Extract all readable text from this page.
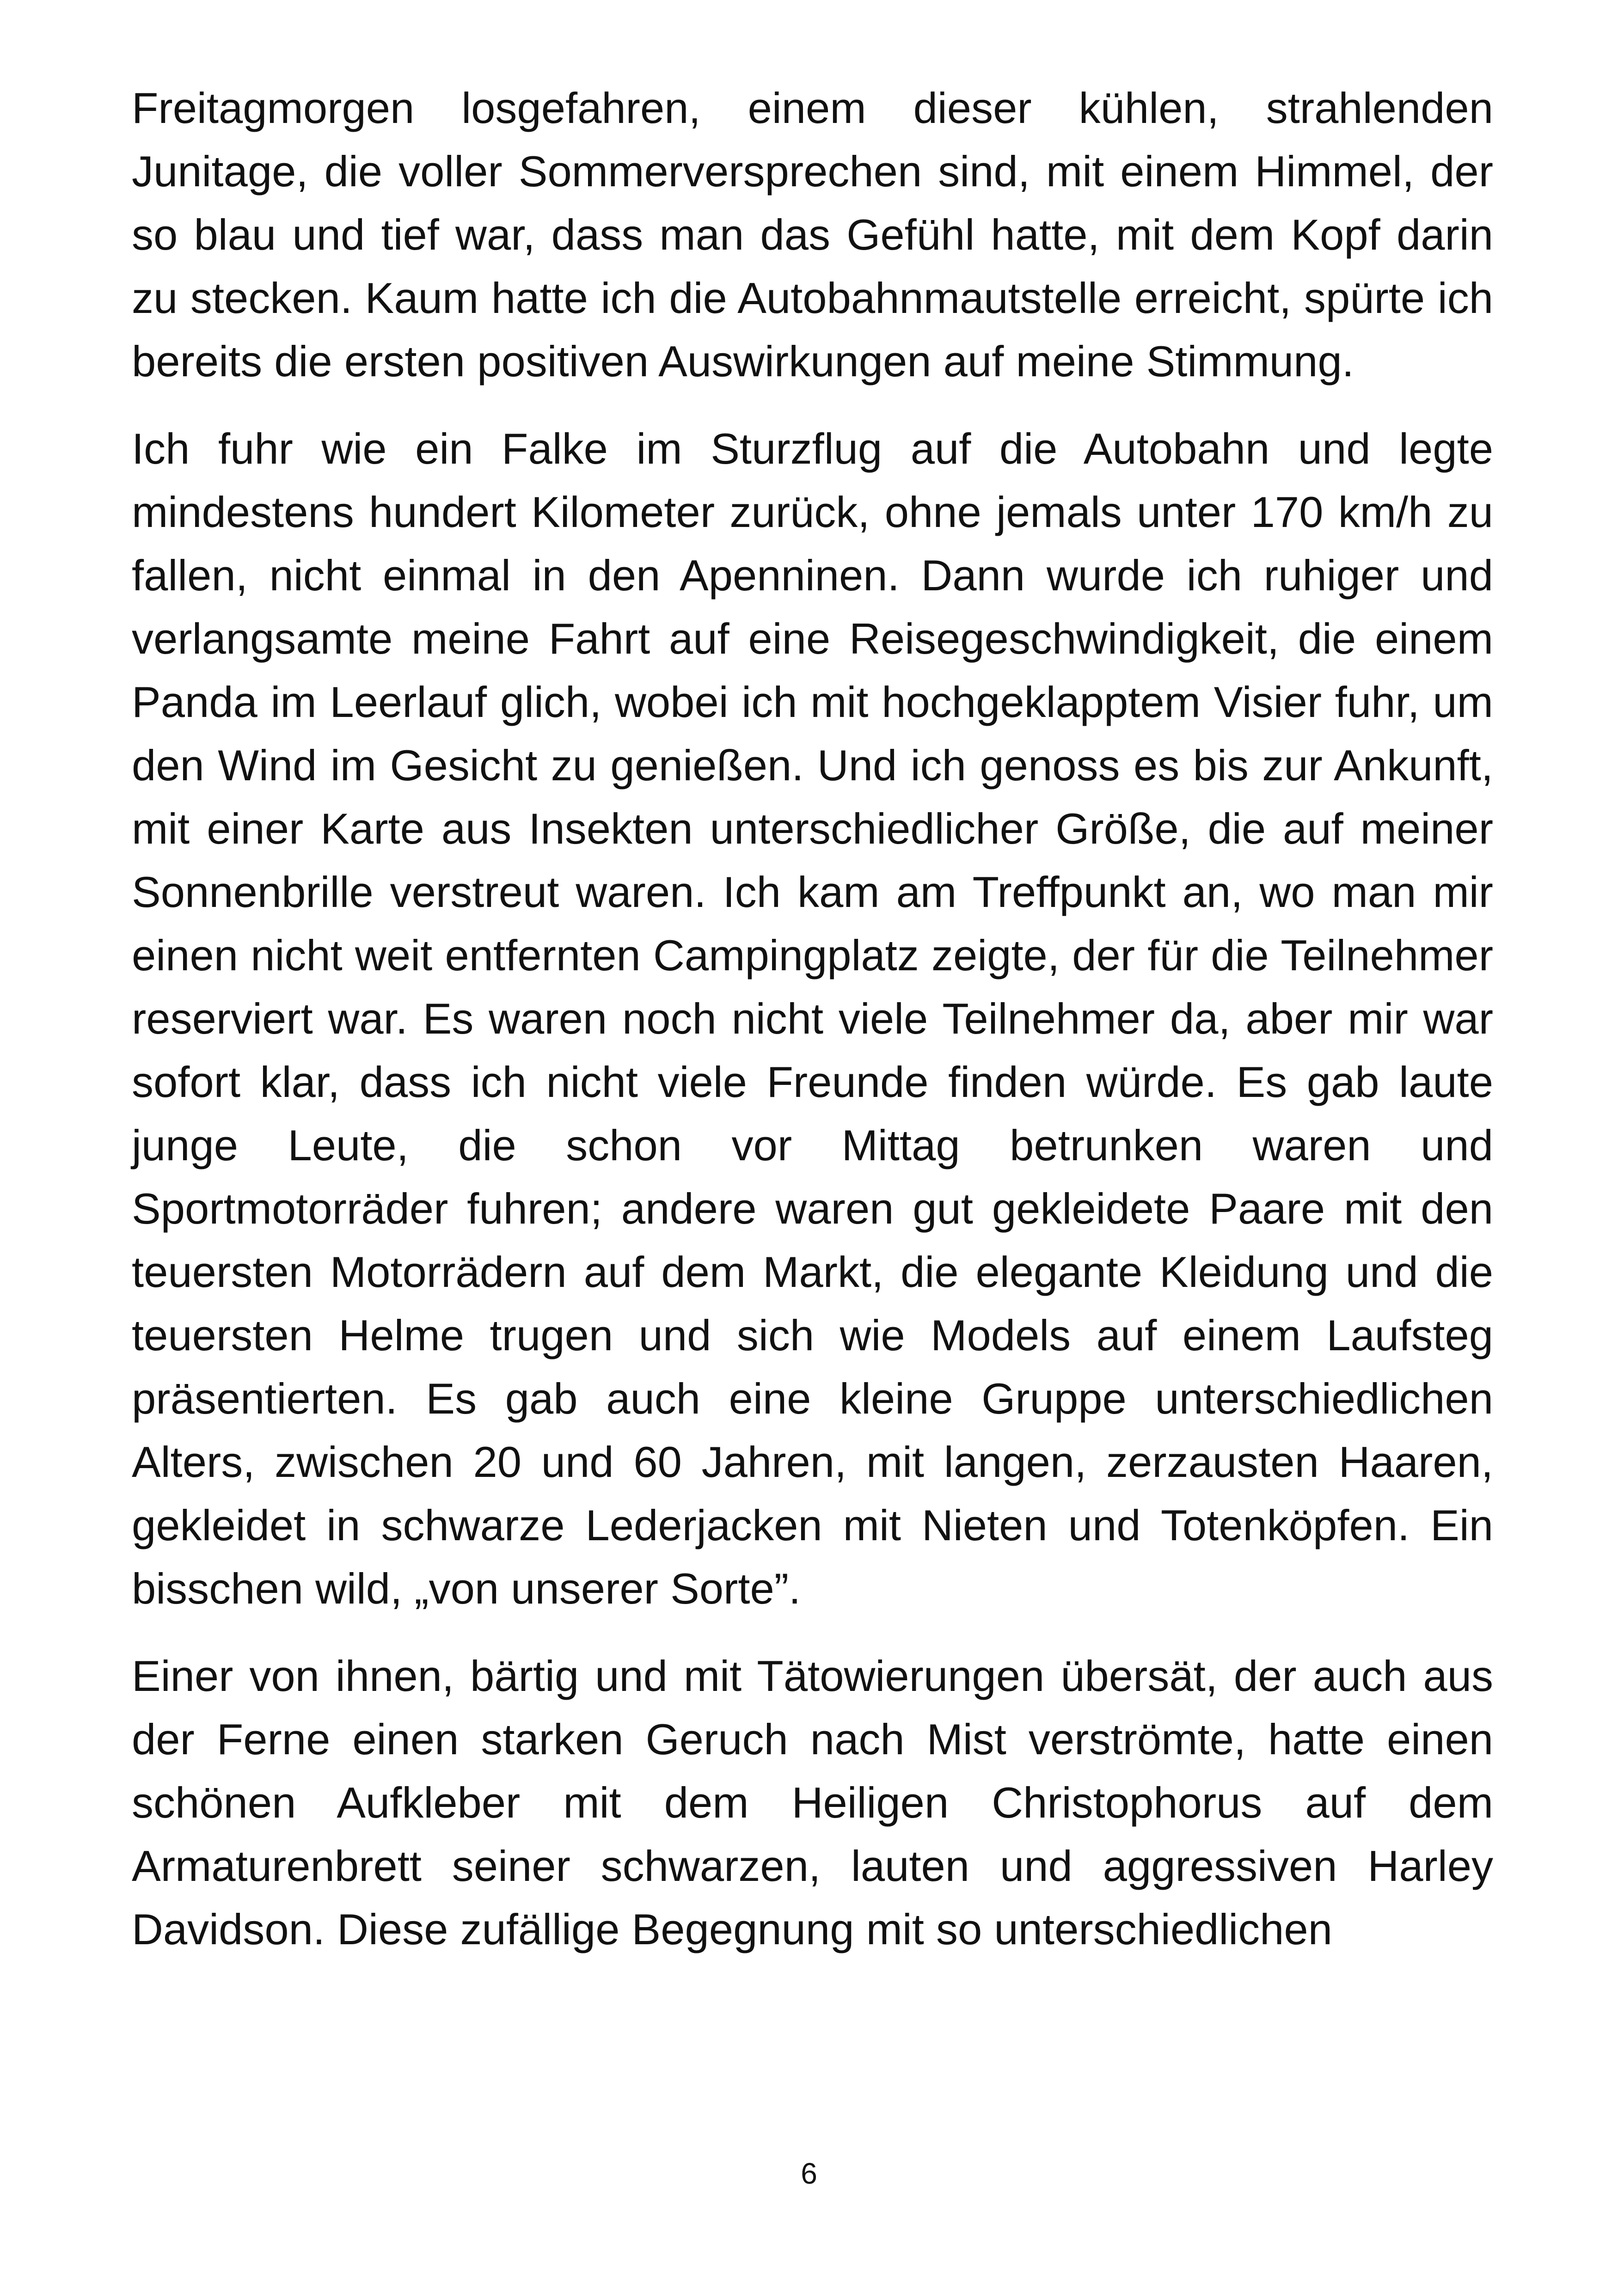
Freitagmorgen losgefahren, einem dieser kühlen, strahlenden Junitage, die voller Sommerversprechen sind, mit einem Himmel, der so blau und tief war, dass man das Gefühl hatte, mit dem Kopf darin zu stecken. Kaum hatte ich die Autobahnmautstelle erreicht, spürte ich bereits die ersten positiven Auswirkungen auf meine Stimmung.

Ich fuhr wie ein Falke im Sturzflug auf die Autobahn und legte mindestens hundert Kilometer zurück, ohne jemals unter 170 km/h zu fallen, nicht einmal in den Apenninen. Dann wurde ich ruhiger und verlangsamte meine Fahrt auf eine Reisegeschwindigkeit, die einem Panda im Leerlauf glich, wobei ich mit hochgeklapptem Visier fuhr, um den Wind im Gesicht zu genießen. Und ich genoss es bis zur Ankunft, mit einer Karte aus Insekten unterschiedlicher Größe, die auf meiner Sonnenbrille verstreut waren. Ich kam am Treffpunkt an, wo man mir einen nicht weit entfernten Campingplatz zeigte, der für die Teilnehmer reserviert war. Es waren noch nicht viele Teilnehmer da, aber mir war sofort klar, dass ich nicht viele Freunde finden würde. Es gab laute junge Leute, die schon vor Mittag betrunken waren und Sportmotorräder fuhren; andere waren gut gekleidete Paare mit den teuersten Motorrädern auf dem Markt, die elegante Kleidung und die teuersten Helme trugen und sich wie Models auf einem Laufsteg präsentierten. Es gab auch eine kleine Gruppe unterschiedlichen Alters, zwischen 20 und 60 Jahren, mit langen, zerzausten Haaren, gekleidet in schwarze Lederjacken mit Nieten und Totenköpfen. Ein bisschen wild, „von unserer Sorte”.

Einer von ihnen, bärtig und mit Tätowierungen übersät, der auch aus der Ferne einen starken Geruch nach Mist verströmte, hatte einen schönen Aufkleber mit dem Heiligen Christophorus auf dem Armaturenbrett seiner schwarzen, lauten und aggressiven Harley Davidson. Diese zufällige Begegnung mit so unterschiedlichen

6
